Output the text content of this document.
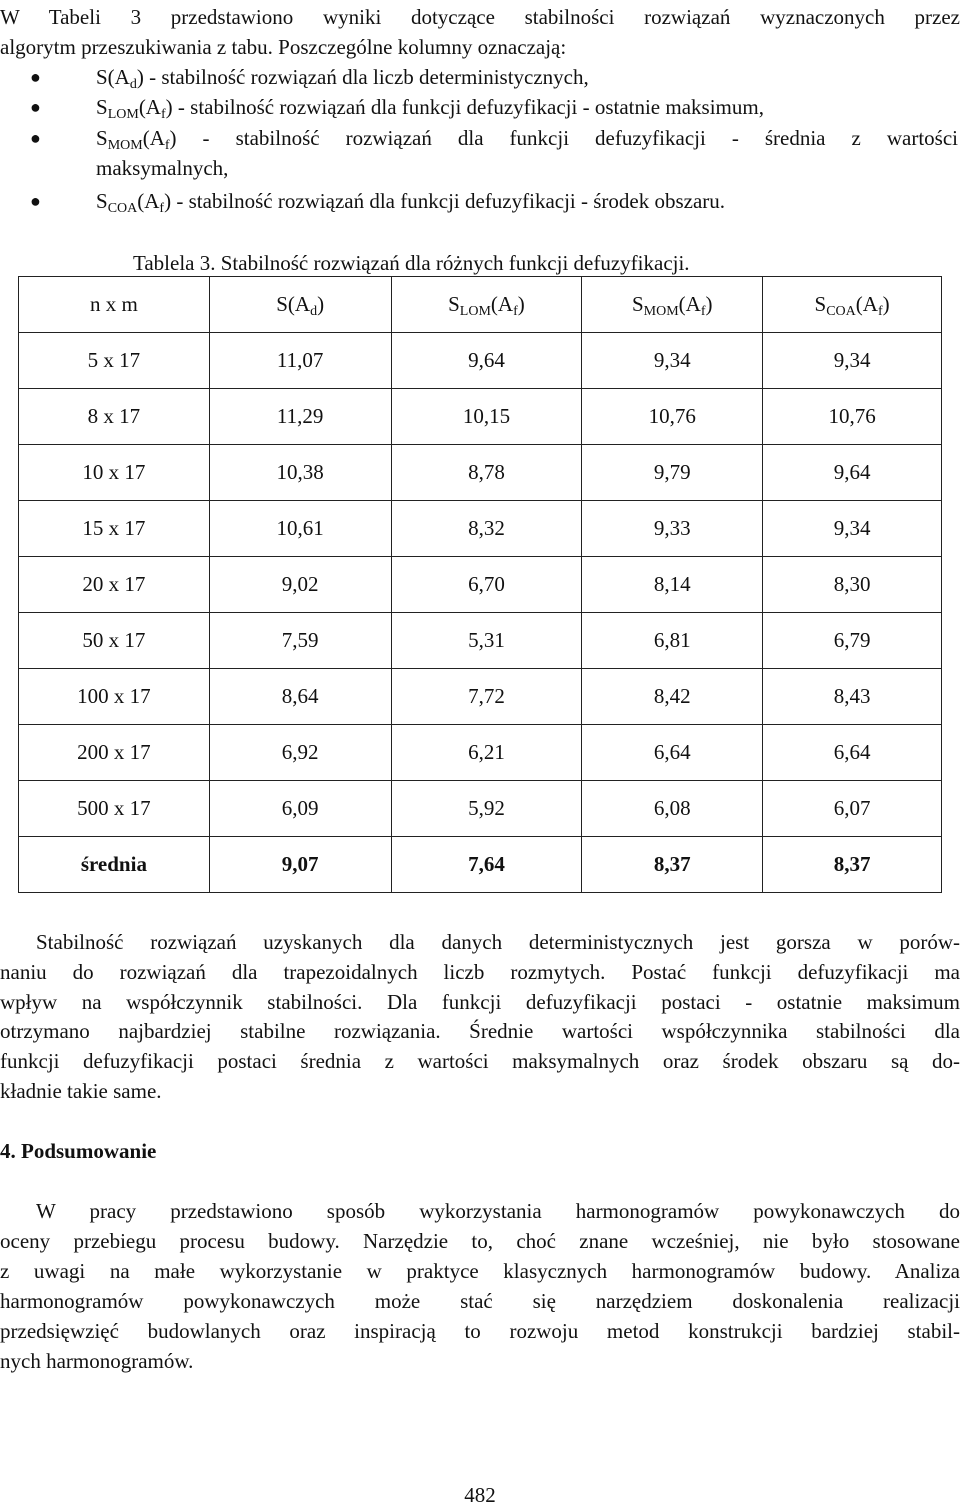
W Tabeli 3 przedstawiono wyniki dotyczące stabilności rozwiązań wyznaczonych przez
algorytm przeszukiwania z tabu. Poszczególne kolumny oznaczają:
●	$S(A_d)$ - stabilność rozwiązań dla liczb deterministycznych,
●	$S_{LOM}(A_f)$ - stabilność rozwiązań dla funkcji defuzyfikacji - ostatnie maksimum,
●	$S_{MOM}(A_f)$ - stabilność rozwiązań dla funkcji defuzyfikacji - średnia z wartości
maksymalnych,
●	$S_{COA}(A_f)$ - stabilność rozwiązań dla funkcji defuzyfikacji - środek obszaru.
Tablela 3. Stabilność rozwiązań dla różnych funkcji defuzyfikacji.
n x m	$S(A_d)$	$S_{LOM}(A_f)$	$S_{MOM}(A_f)$	$S_{COA}(A_f)$
5 x 17	11,07	9,64	9,34	9,34
8 x 17	11,29	10,15	10,76	10,76
10 x 17	10,38	8,78	9,79	9,64
15 x 17	10,61	8,32	9,33	9,34
20 x 17	9,02	6,70	8,14	8,30
50 x 17	7,59	5,31	6,81	6,79
100 x 17	8,64	7,72	8,42	8,43
200 x 17	6,92	6,21	6,64	6,64
500 x 17	6,09	5,92	6,08	6,07
średnia	9,07	7,64	8,37	8,37
Stabilność rozwiązań uzyskanych dla danych deterministycznych jest gorsza w porów-
naniu do rozwiązań dla trapezoidalnych liczb rozmytych. Postać funkcji defuzyfikacji ma
wpływ na współczynnik stabilności. Dla funkcji defuzyfikacji postaci - ostatnie maksimum
otrzymano najbardziej stabilne rozwiązania. Średnie wartości współczynnika stabilności dla
funkcji defuzyfikacji postaci średnia z wartości maksymalnych oraz środek obszaru są do-
kładnie takie same.
4. Podsumowanie
W pracy przedstawiono sposób wykorzystania harmonogramów powykonawczych do
oceny przebiegu procesu budowy. Narzędzie to, choć znane wcześniej, nie było stosowane
z uwagi na małe wykorzystanie w praktyce klasycznych harmonogramów budowy. Analiza
harmonogramów powykonawczych może stać się narzędziem doskonalenia realizacji
przedsięwzięć budowlanych oraz inspiracją to rozwoju metod konstrukcji bardziej stabil-
nych harmonogramów.
482
